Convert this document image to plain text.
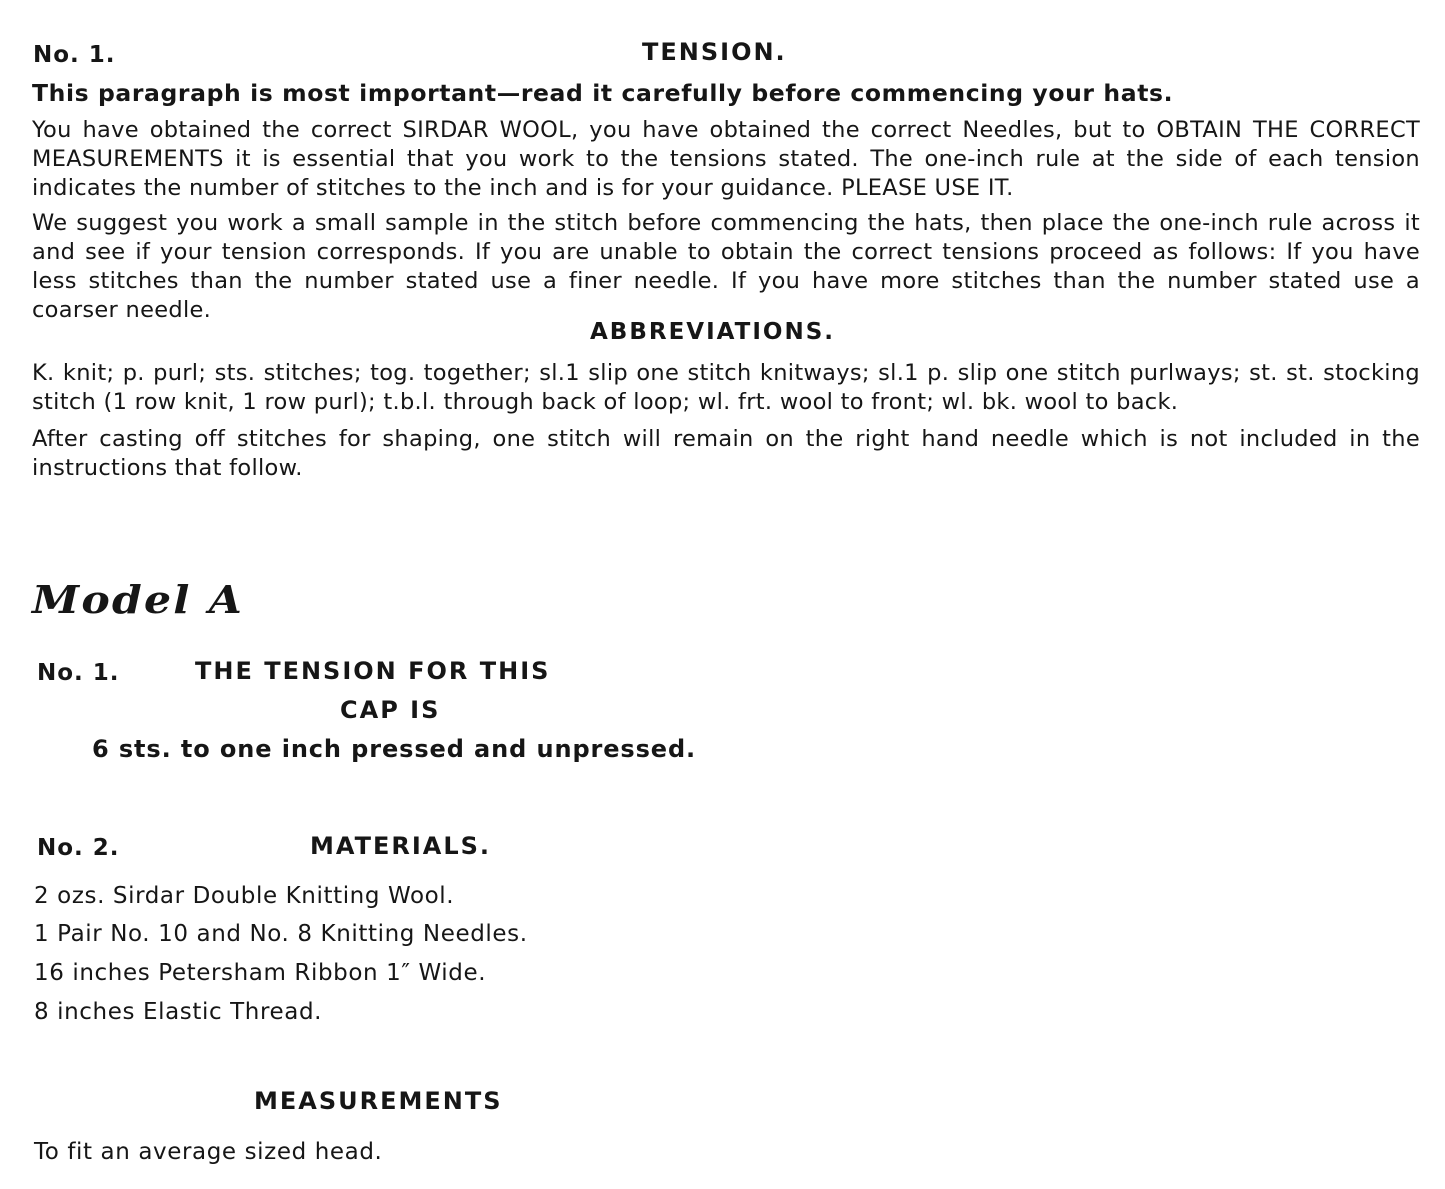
No. 1.	TENSION.
This paragraph is most important—read it carefully before commencing your hats.
You have obtained the correct SIRDAR WOOL, you have obtained the correct Needles, but to OBTAIN THE CORRECT MEASUREMENTS it is essential that you work to the tensions stated. The one-inch rule at the side of each tension indicates the number of stitches to the inch and is for your guidance. PLEASE USE IT.
We suggest you work a small sample in the stitch before commencing the hats, then place the one-inch rule across it and see if your tension corresponds. If you are unable to obtain the correct tensions proceed as follows: If you have less stitches than the number stated use a finer needle. If you have more stitches than the number stated use a coarser needle.
ABBREVIATIONS.
K. knit; p. purl; sts. stitches; tog. together; sl.1 slip one stitch knitways; sl.1 p. slip one stitch purlways; st. st. stocking stitch (1 row knit, 1 row purl); t.b.l. through back of loop; wl. frt. wool to front; wl. bk. wool to back.
After casting off stitches for shaping, one stitch will remain on the right hand needle which is not included in the instructions that follow.
Model A
No. 1.	THE TENSION FOR THIS
CAP IS
6 sts. to one inch pressed and unpressed.
No. 2.	MATERIALS.
2 ozs. Sirdar Double Knitting Wool.
1 Pair No. 10 and No. 8 Knitting Needles.
16 inches Petersham Ribbon 1″ Wide.
8 inches Elastic Thread.
MEASUREMENTS
To fit an average sized head.
